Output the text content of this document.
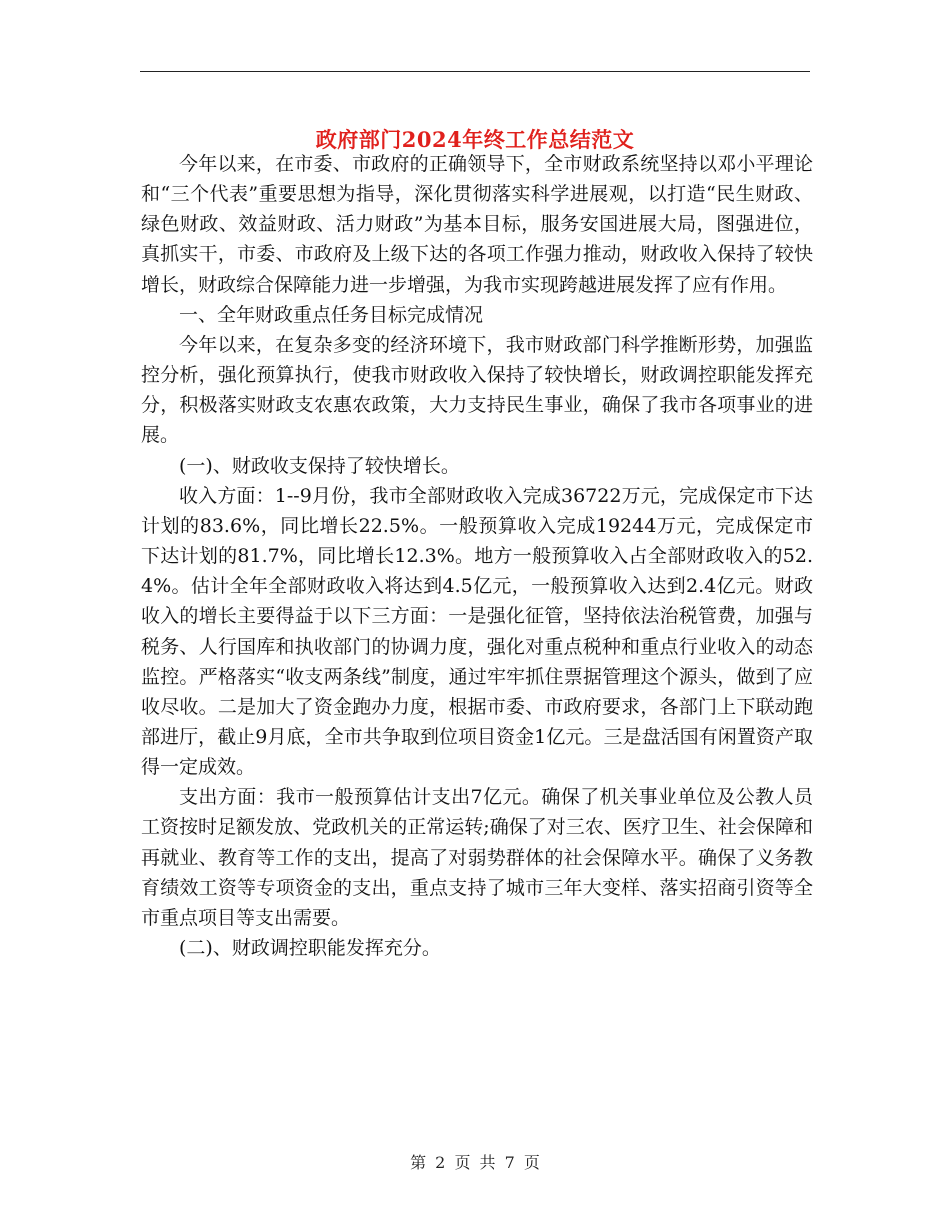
政府部门2024年终工作总结范文

今年以来，在市委、市政府的正确领导下，全市财政系统坚持以邓小平理论和“三个代表”重要思想为指导，深化贯彻落实科学进展观，以打造“民生财政、绿色财政、效益财政、活力财政”为基本目标，服务安国进展大局，图强进位，真抓实干，市委、市政府及上级下达的各项工作强力推动，财政收入保持了较快增长，财政综合保障能力进一步增强，为我市实现跨越进展发挥了应有作用。

一、全年财政重点任务目标完成情况

今年以来，在复杂多变的经济环境下，我市财政部门科学推断形势，加强监控分析，强化预算执行，使我市财政收入保持了较快增长，财政调控职能发挥充分，积极落实财政支农惠农政策，大力支持民生事业，确保了我市各项事业的进展。

(一)、财政收支保持了较快增长。

收入方面：1--9月份，我市全部财政收入完成36722万元，完成保定市下达计划的83.6%，同比增长22.5%。一般预算收入完成19244万元，完成保定市下达计划的81.7%，同比增长12.3%。地方一般预算收入占全部财政收入的52.4%。估计全年全部财政收入将达到4.5亿元，一般预算收入达到2.4亿元。财政收入的增长主要得益于以下三方面：一是强化征管，坚持依法治税管费，加强与税务、人行国库和执收部门的协调力度，强化对重点税种和重点行业收入的动态监控。严格落实“收支两条线”制度，通过牢牢抓住票据管理这个源头，做到了应收尽收。二是加大了资金跑办力度，根据市委、市政府要求，各部门上下联动跑部进厅，截止9月底，全市共争取到位项目资金1亿元。三是盘活国有闲置资产取得一定成效。

支出方面：我市一般预算估计支出7亿元。确保了机关事业单位及公教人员工资按时足额发放、党政机关的正常运转;确保了对三农、医疗卫生、社会保障和再就业、教育等工作的支出，提高了对弱势群体的社会保障水平。确保了义务教育绩效工资等专项资金的支出，重点支持了城市三年大变样、落实招商引资等全市重点项目等支出需要。

(二)、财政调控职能发挥充分。

第 2 页 共 7 页
